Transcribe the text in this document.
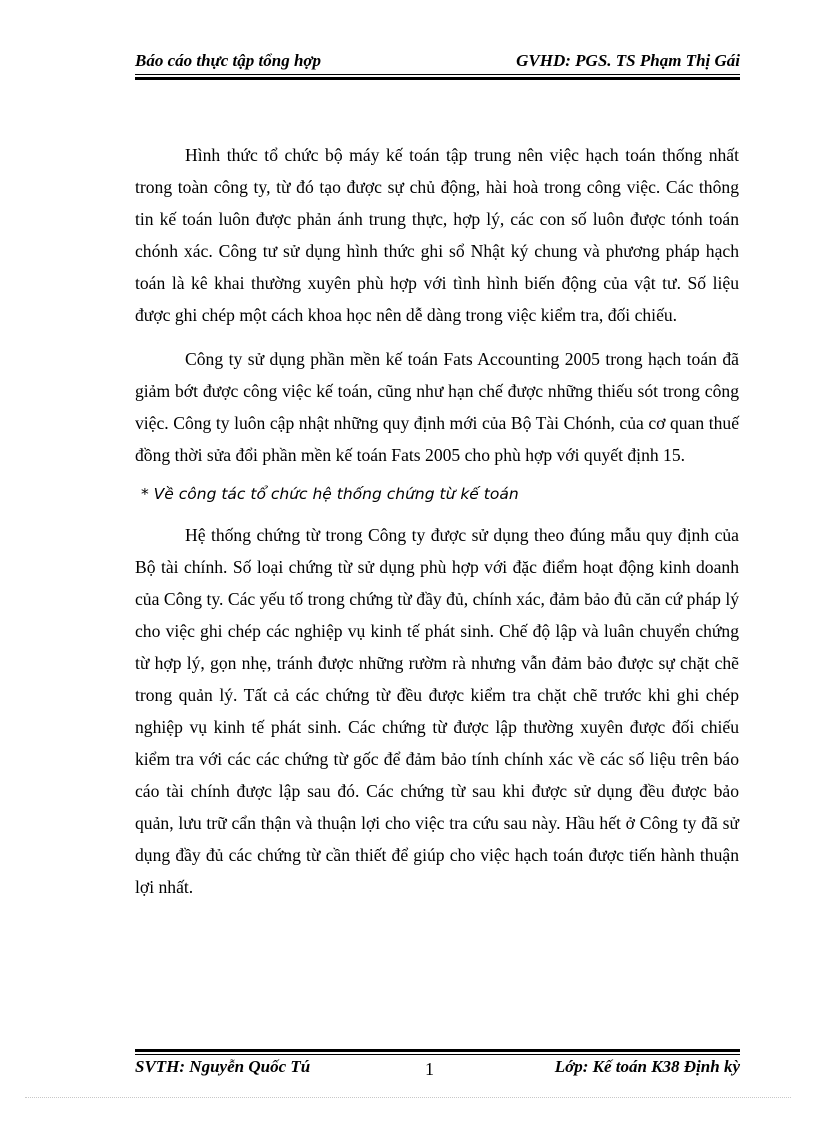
Báo cáo thực tập tổng hợp	GVHD: PGS. TS Phạm Thị Gái

Hình thức tổ chức bộ máy kế toán tập trung nên việc hạch toán thống nhất trong toàn công ty, từ đó tạo được sự chủ động, hài hoà trong công việc. Các thông tin kế toán luôn được phản ánh trung thực, hợp lý, các con số luôn được tónh toán chónh xác. Công tư sử dụng hình thức ghi sổ Nhật ký chung và phương pháp hạch toán là kê khai thường xuyên phù hợp với tình hình biến động của vật tư. Số liệu được ghi chép một cách khoa học nên dễ dàng trong việc kiểm tra, đối chiếu.

Công ty sử dụng phần mền kế toán Fats Accounting 2005 trong hạch toán đã giảm bớt được công việc kế toán, cũng như hạn chế được những thiếu sót trong công việc. Công ty luôn cập nhật những quy định mới của Bộ Tài Chónh, của cơ quan thuế đồng thời sửa đổi phần mền kế toán Fats 2005 cho phù hợp với quyết định 15.

* Về công tác tổ chức hệ thống chứng từ kế toán

Hệ thống chứng từ trong Công ty được sử dụng theo đúng mẫu quy định của Bộ tài chính. Số loại chứng từ sử dụng phù hợp với đặc điểm hoạt động kinh doanh của Công ty. Các yếu tố trong chứng từ đầy đủ, chính xác, đảm bảo đủ căn cứ pháp lý cho việc ghi chép các nghiệp vụ kinh tế phát sinh. Chế độ lập và luân chuyển chứng từ hợp lý, gọn nhẹ, tránh được những rườm rà nhưng vẫn đảm bảo được sự chặt chẽ trong quản lý. Tất cả các chứng từ đều được kiểm tra chặt chẽ trước khi ghi chép nghiệp vụ kinh tế phát sinh. Các chứng từ được lập thường xuyên được đối chiếu kiểm tra với các các chứng từ gốc để đảm bảo tính chính xác về các số liệu trên báo cáo tài chính được lập sau đó. Các chứng từ sau khi được sử dụng đều được bảo quản, lưu trữ cẩn thận và thuận lợi cho việc tra cứu sau này. Hầu hết ở Công ty đã sử dụng đầy đủ các chứng từ cần thiết để giúp cho việc hạch toán được tiến hành thuận lợi nhất.

SVTH: Nguyễn Quốc Tú	1	Lớp: Kế toán K38 Định kỳ
